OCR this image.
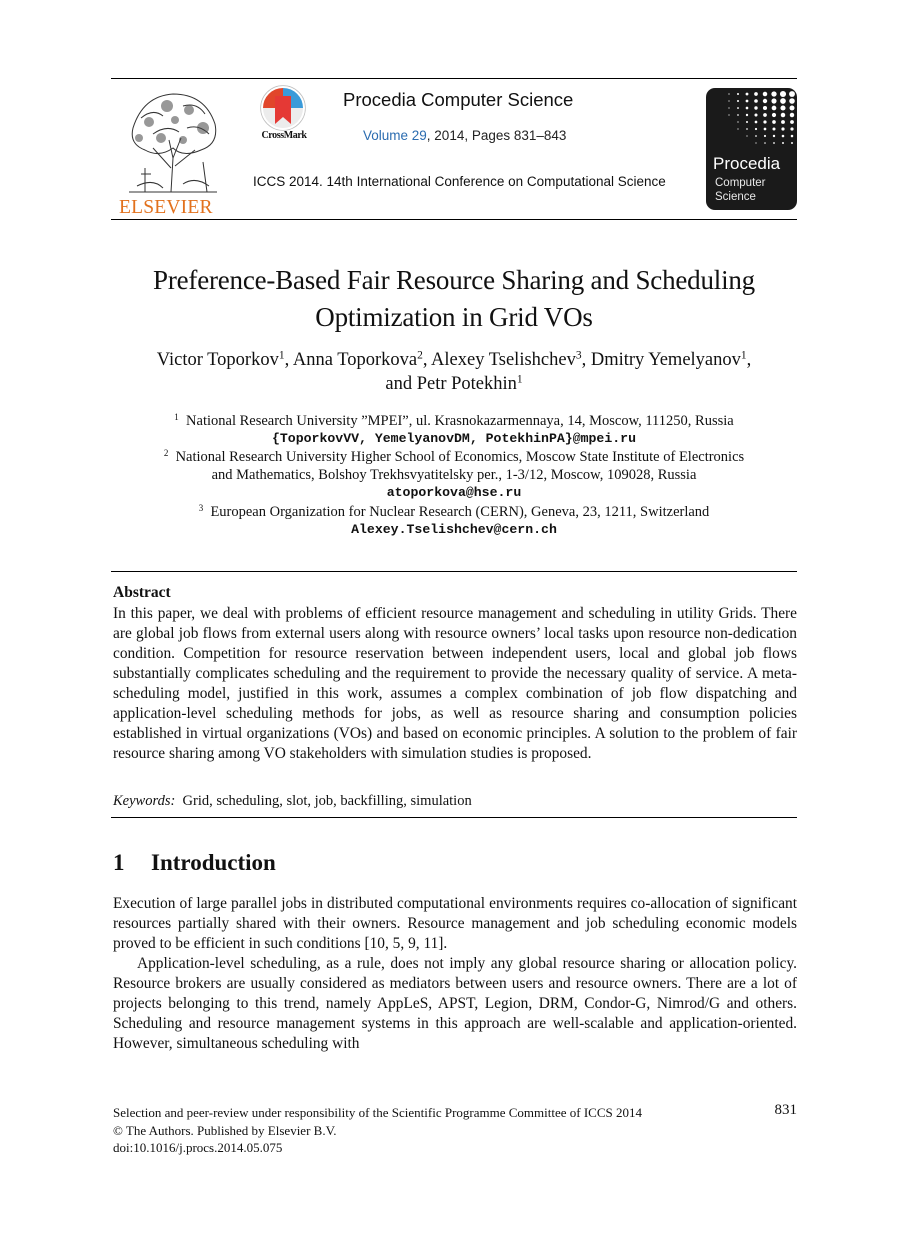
ELSEVIER
CrossMark
Procedia Computer Science
Volume 29, 2014, Pages 831–843
ICCS 2014. 14th International Conference on Computational Science
Procedia
Computer
Science
Preference-Based Fair Resource Sharing and Scheduling
Optimization in Grid VOs
Victor Toporkov$^1$, Anna Toporkova$^2$, Alexey Tselishchev$^3$, Dmitry Yemelyanov$^1$,
and Petr Potekhin$^1$
$^1$ National Research University ”MPEI”, ul. Krasnokazarmennaya, 14, Moscow, 111250, Russia
{ToporkovVV, YemelyanovDM, PotekhinPA}@mpei.ru
$^2$ National Research University Higher School of Economics, Moscow State Institute of Electronics
and Mathematics, Bolshoy Trekhsvyatitelsky per., 1-3/12, Moscow, 109028, Russia
atoporkova@hse.ru
$^3$ European Organization for Nuclear Research (CERN), Geneva, 23, 1211, Switzerland
Alexey.Tselishchev@cern.ch
Abstract
In this paper, we deal with problems of efficient resource management and scheduling in utility Grids. There are global job flows from external users along with resource owners’ local tasks upon resource non-dedication condition. Competition for resource reservation between independent users, local and global job flows substantially complicates scheduling and the requirement to provide the necessary quality of service. A meta-scheduling model, justified in this work, assumes a complex combination of job flow dispatching and application-level scheduling methods for jobs, as well as resource sharing and consumption policies established in virtual organizations (VOs) and based on economic principles. A solution to the problem of fair resource sharing among VO stakeholders with simulation studies is proposed.
Keywords: Grid, scheduling, slot, job, backfilling, simulation
1 Introduction
Execution of large parallel jobs in distributed computational environments requires co-allocation of significant resources partially shared with their owners. Resource management and job scheduling economic models proved to be efficient in such conditions [10, 5, 9, 11].
Application-level scheduling, as a rule, does not imply any global resource sharing or allocation policy. Resource brokers are usually considered as mediators between users and resource owners. There are a lot of projects belonging to this trend, namely AppLeS, APST, Legion, DRM, Condor-G, Nimrod/G and others. Scheduling and resource management systems in this approach are well-scalable and application-oriented. However, simultaneous scheduling with
Selection and peer-review under responsibility of the Scientific Programme Committee of ICCS 2014
© The Authors. Published by Elsevier B.V.
doi:10.1016/j.procs.2014.05.075
831
